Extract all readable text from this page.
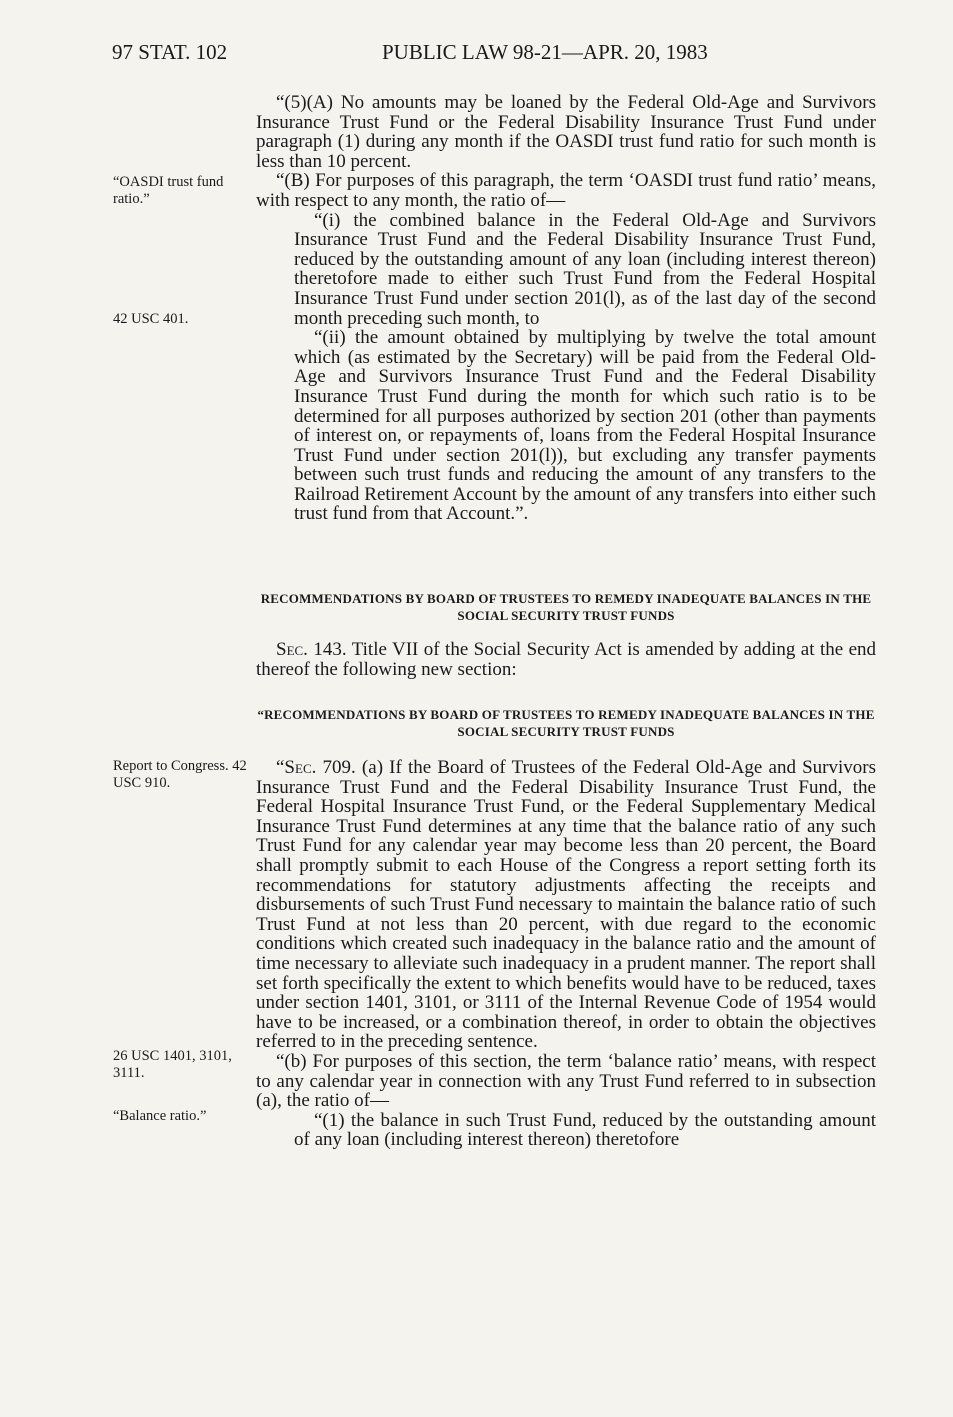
97 STAT. 102	PUBLIC LAW 98-21—APR. 20, 1983
“OASDI trust fund ratio.”
42 USC 401.
Report to Congress. 42 USC 910.
26 USC 1401, 3101, 3111.
“Balance ratio.”

“(5)(A) No amounts may be loaned by the Federal Old-Age and Survivors Insurance Trust Fund or the Federal Disability Insurance Trust Fund under paragraph (1) during any month if the OASDI trust fund ratio for such month is less than 10 percent.

“(B) For purposes of this paragraph, the term ‘OASDI trust fund ratio’ means, with respect to any month, the ratio of—

“(i) the combined balance in the Federal Old-Age and Survivors Insurance Trust Fund and the Federal Disability Insurance Trust Fund, reduced by the outstanding amount of any loan (including interest thereon) theretofore made to either such Trust Fund from the Federal Hospital Insurance Trust Fund under section 201(l), as of the last day of the second month preceding such month, to

“(ii) the amount obtained by multiplying by twelve the total amount which (as estimated by the Secretary) will be paid from the Federal Old-Age and Survivors Insurance Trust Fund and the Federal Disability Insurance Trust Fund during the month for which such ratio is to be determined for all purposes authorized by section 201 (other than payments of interest on, or repayments of, loans from the Federal Hospital Insurance Trust Fund under section 201(l)), but excluding any transfer payments between such trust funds and reducing the amount of any transfers to the Railroad Retirement Account by the amount of any transfers into either such trust fund from that Account.”.

RECOMMENDATIONS BY BOARD OF TRUSTEES TO REMEDY INADEQUATE BALANCES IN THE SOCIAL SECURITY TRUST FUNDS

Sec. 143. Title VII of the Social Security Act is amended by adding at the end thereof the following new section:

“RECOMMENDATIONS BY BOARD OF TRUSTEES TO REMEDY INADEQUATE BALANCES IN THE SOCIAL SECURITY TRUST FUNDS

“Sec. 709. (a) If the Board of Trustees of the Federal Old-Age and Survivors Insurance Trust Fund and the Federal Disability Insurance Trust Fund, the Federal Hospital Insurance Trust Fund, or the Federal Supplementary Medical Insurance Trust Fund determines at any time that the balance ratio of any such Trust Fund for any calendar year may become less than 20 percent, the Board shall promptly submit to each House of the Congress a report setting forth its recommendations for statutory adjustments affecting the receipts and disbursements of such Trust Fund necessary to maintain the balance ratio of such Trust Fund at not less than 20 percent, with due regard to the economic conditions which created such inadequacy in the balance ratio and the amount of time necessary to alleviate such inadequacy in a prudent manner. The report shall set forth specifically the extent to which benefits would have to be reduced, taxes under section 1401, 3101, or 3111 of the Internal Revenue Code of 1954 would have to be increased, or a combination thereof, in order to obtain the objectives referred to in the preceding sentence.

“(b) For purposes of this section, the term ‘balance ratio’ means, with respect to any calendar year in connection with any Trust Fund referred to in subsection (a), the ratio of—

“(1) the balance in such Trust Fund, reduced by the outstanding amount of any loan (including interest thereon) theretofore
